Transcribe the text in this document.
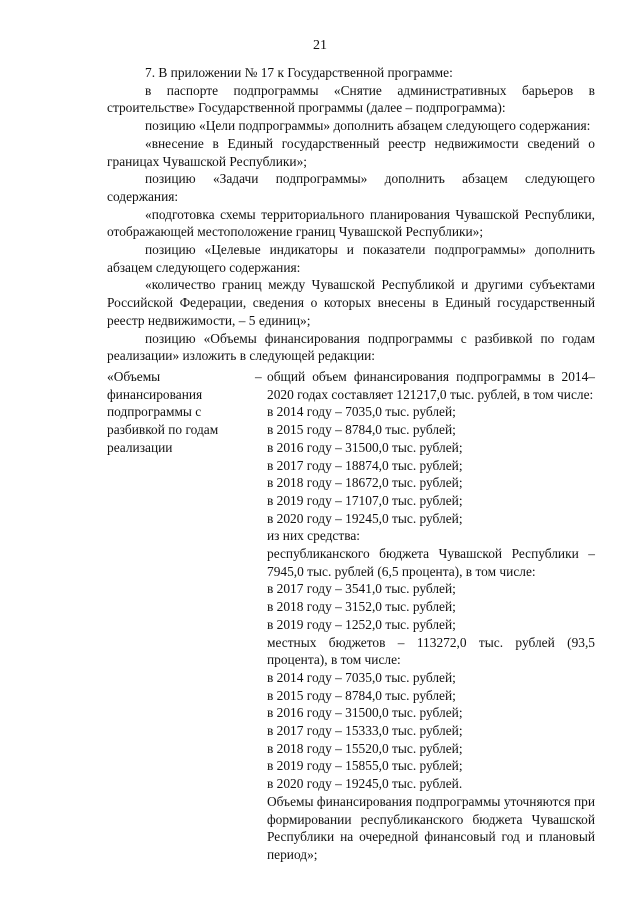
21

7. В приложении № 17 к Государственной программе:

в паспорте подпрограммы «Снятие административных барьеров в строительстве» Государственной программы (далее – подпрограмма):

позицию «Цели подпрограммы» дополнить абзацем следующего содержания:

«внесение в Единый государственный реестр недвижимости сведений о границах Чувашской Республики»;

позицию «Задачи подпрограммы» дополнить абзацем следующего содержания:

«подготовка схемы территориального планирования Чувашской Республики, отображающей местоположение границ Чувашской Республики»;

позицию «Целевые индикаторы и показатели подпрограммы» дополнить абзацем следующего содержания:

«количество границ между Чувашской Республикой и другими субъектами Российской Федерации, сведения о которых внесены в Единый государственный реестр недвижимости, – 5 единиц»;

позицию «Объемы финансирования подпрограммы с разбивкой по годам реализации» изложить в следующей редакции:

«Объемы финансирования подпрограммы с разбивкой по годам реализации
– общий объем финансирования подпрограммы в 2014–2020 годах составляет 121217,0 тыс. рублей, в том числе:
в 2014 году – 7035,0 тыс. рублей;
в 2015 году – 8784,0 тыс. рублей;
в 2016 году – 31500,0 тыс. рублей;
в 2017 году – 18874,0 тыс. рублей;
в 2018 году – 18672,0 тыс. рублей;
в 2019 году – 17107,0 тыс. рублей;
в 2020 году – 19245,0 тыс. рублей;
из них средства:
республиканского бюджета Чувашской Республики – 7945,0 тыс. рублей (6,5 процента), в том числе:
в 2017 году – 3541,0 тыс. рублей;
в 2018 году – 3152,0 тыс. рублей;
в 2019 году – 1252,0 тыс. рублей;
местных бюджетов – 113272,0 тыс. рублей (93,5 процента), в том числе:
в 2014 году – 7035,0 тыс. рублей;
в 2015 году – 8784,0 тыс. рублей;
в 2016 году – 31500,0 тыс. рублей;
в 2017 году – 15333,0 тыс. рублей;
в 2018 году – 15520,0 тыс. рублей;
в 2019 году – 15855,0 тыс. рублей;
в 2020 году – 19245,0 тыс. рублей.
Объемы финансирования подпрограммы уточняются при формировании республиканского бюджета Чувашской Республики на очередной финансовый год и плановый период»;
